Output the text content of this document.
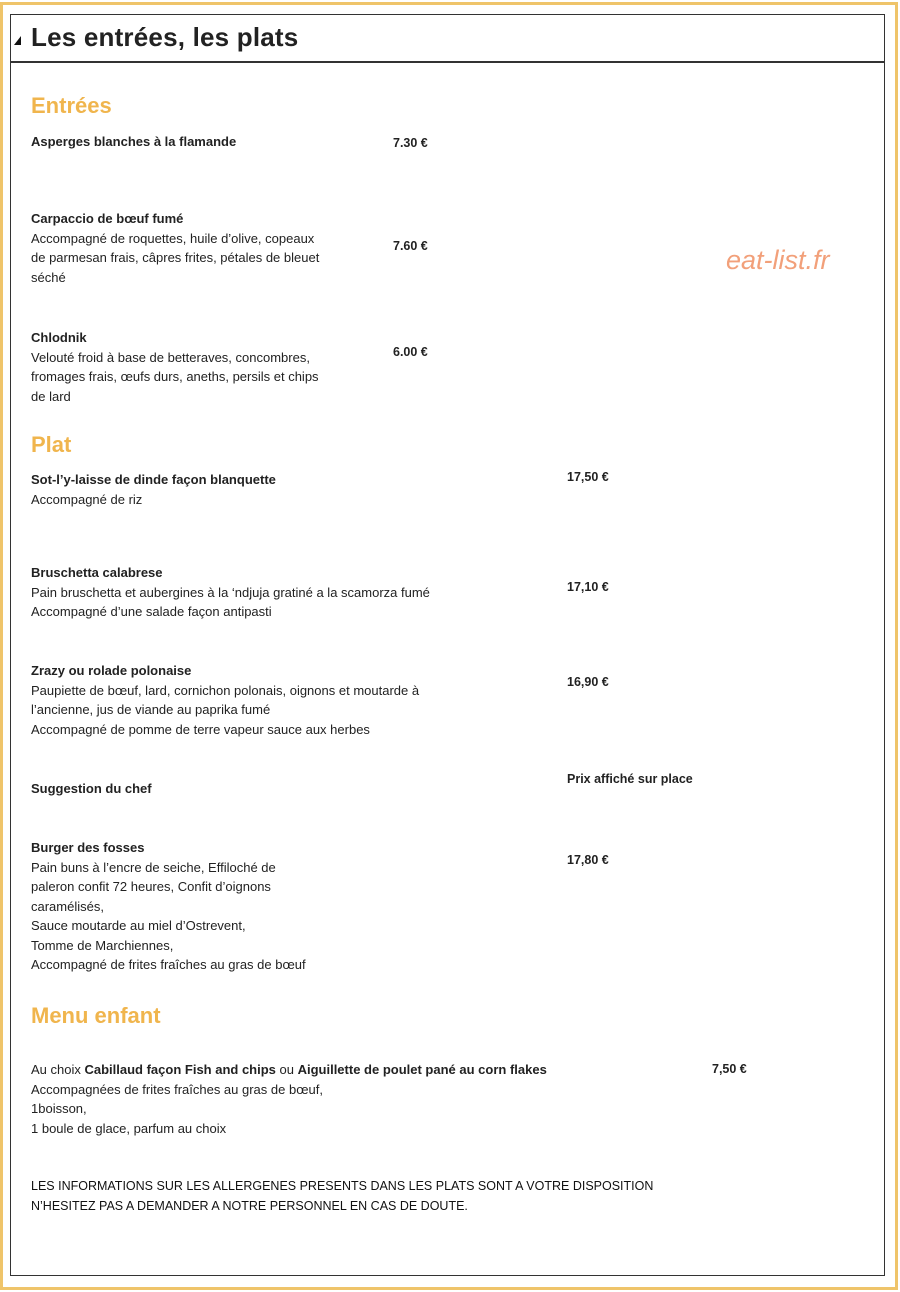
Les entrées, les plats
eat-list.fr
Entrées
Asperges blanches à la flamande	7.30 €
Carpaccio de bœuf fumé
Accompagné de roquettes, huile d’olive, copeaux
de parmesan frais, câpres frites, pétales de bleuet
séché
7.60 €
Chlodnik
Velouté froid à base de betteraves, concombres,
fromages frais, œufs durs, aneths, persils et chips
de lard
6.00 €
Plat
Sot-l’y-laisse de dinde façon blanquette
Accompagné de riz
17,50 €
Bruschetta calabrese
Pain bruschetta et aubergines à la ‘ndjuja gratiné a la scamorza fumé
Accompagné d’une salade façon antipasti
17,10 €
Zrazy ou rolade polonaise
Paupiette de bœuf, lard, cornichon polonais, oignons et moutarde à
l’ancienne, jus de viande au paprika fumé
Accompagné de pomme de terre vapeur sauce aux herbes
16,90 €
Suggestion du chef
Prix affiché sur place
Burger des fosses
Pain buns à l’encre de seiche, Effiloché de
paleron confit 72 heures, Confit d’oignons
caramélisés,
Sauce moutarde au miel d’Ostrevent,
Tomme de Marchiennes,
Accompagné de frites fraîches au gras de bœuf
17,80 €
Menu enfant
Au choix Cabillaud façon Fish and chips ou Aiguillette de poulet pané au corn flakes
Accompagnées de frites fraîches au gras de bœuf,
1boisson,
1 boule de glace, parfum au choix
7,50 €
LES INFORMATIONS SUR LES ALLERGENES PRESENTS DANS LES PLATS SONT A VOTRE DISPOSITION
N’HESITEZ PAS A DEMANDER A NOTRE PERSONNEL EN CAS DE DOUTE.
